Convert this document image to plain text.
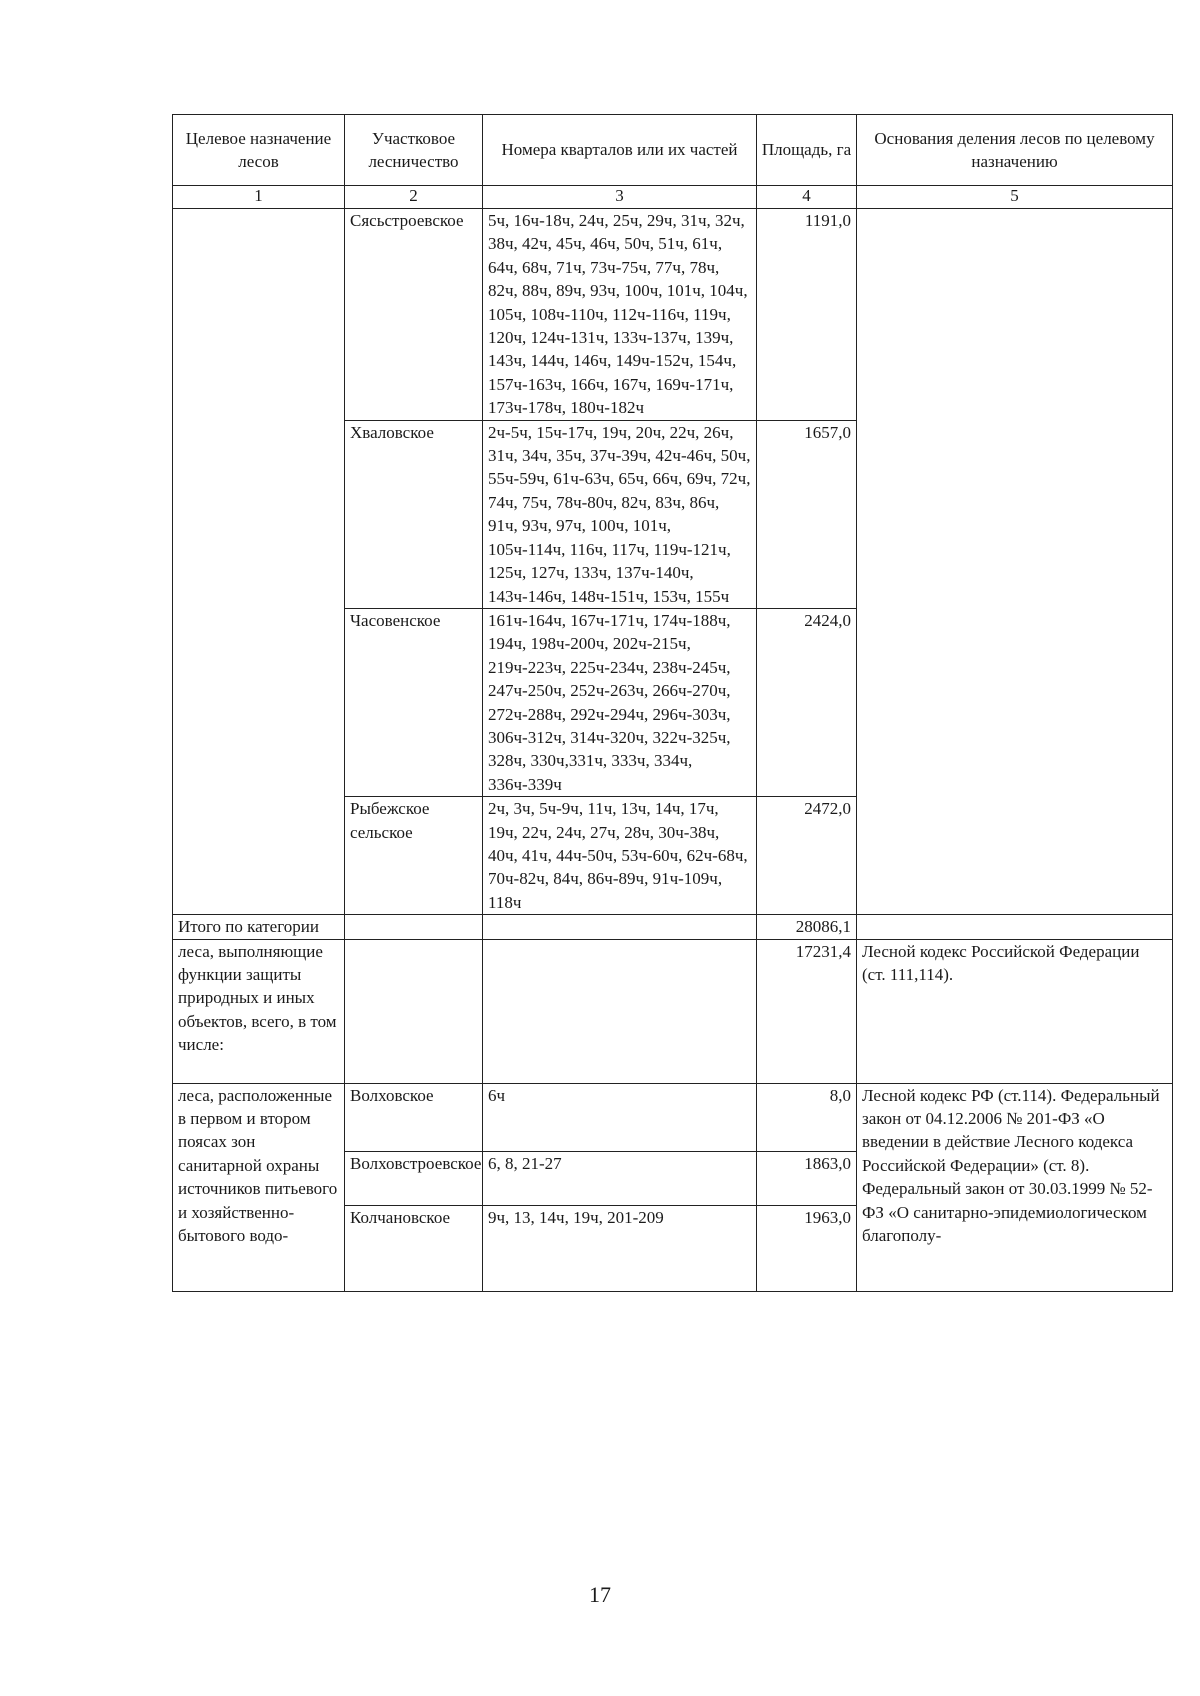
Целевое назначение лесов	Участковое лесничество	Номера кварталов или их частей	Площадь, га	Основания деления лесов по целевому назначению
1	2	3	4	5
	Сясьстроевское	5ч, 16ч-18ч, 24ч, 25ч, 29ч, 31ч, 32ч, 38ч, 42ч, 45ч, 46ч, 50ч, 51ч, 61ч, 64ч, 68ч, 71ч, 73ч-75ч, 77ч, 78ч, 82ч, 88ч, 89ч, 93ч, 100ч, 101ч, 104ч, 105ч, 108ч-110ч, 112ч-116ч, 119ч, 120ч, 124ч-131ч, 133ч-137ч, 139ч, 143ч, 144ч, 146ч, 149ч-152ч, 154ч, 157ч-163ч, 166ч, 167ч, 169ч-171ч, 173ч-178ч, 180ч-182ч	1191,0	
	Хваловское	2ч-5ч, 15ч-17ч, 19ч, 20ч, 22ч, 26ч, 31ч, 34ч, 35ч, 37ч-39ч, 42ч-46ч, 50ч, 55ч-59ч, 61ч-63ч, 65ч, 66ч, 69ч, 72ч, 74ч, 75ч, 78ч-80ч, 82ч, 83ч, 86ч, 91ч, 93ч, 97ч, 100ч, 101ч, 105ч-114ч, 116ч, 117ч, 119ч-121ч, 125ч, 127ч, 133ч, 137ч-140ч, 143ч-146ч, 148ч-151ч, 153ч, 155ч	1657,0	
	Часовенское	161ч-164ч, 167ч-171ч, 174ч-188ч, 194ч, 198ч-200ч, 202ч-215ч, 219ч-223ч, 225ч-234ч, 238ч-245ч, 247ч-250ч, 252ч-263ч, 266ч-270ч, 272ч-288ч, 292ч-294ч, 296ч-303ч, 306ч-312ч, 314ч-320ч, 322ч-325ч, 328ч, 330ч,331ч, 333ч, 334ч, 336ч-339ч	2424,0	
	Рыбежское сельское	2ч, 3ч, 5ч-9ч, 11ч, 13ч, 14ч, 17ч, 19ч, 22ч, 24ч, 27ч, 28ч, 30ч-38ч, 40ч, 41ч, 44ч-50ч, 53ч-60ч, 62ч-68ч, 70ч-82ч, 84ч, 86ч-89ч, 91ч-109ч, 118ч	2472,0	
Итого по категории			28086,1	
леса, выполняющие функции защиты природных и иных объектов, всего, в том числе:			17231,4	Лесной кодекс Российской Федерации (ст. 111,114).
леса, расположенные в первом и втором поясах зон санитарной охраны источников питьевого и хозяйственно-бытового водо-	Волховское	6ч	8,0	Лесной кодекс РФ (ст.114). Федеральный закон от 04.12.2006 № 201-ФЗ «О введении в действие Лесного кодекса Российской Федерации» (ст. 8). Федеральный закон от 30.03.1999 № 52-ФЗ «О санитарно-эпидемиологическом благополу-
	Волховстроевское	6, 8, 21-27	1863,0	
	Колчановское	9ч, 13, 14ч, 19ч, 201-209	1963,0	
17
